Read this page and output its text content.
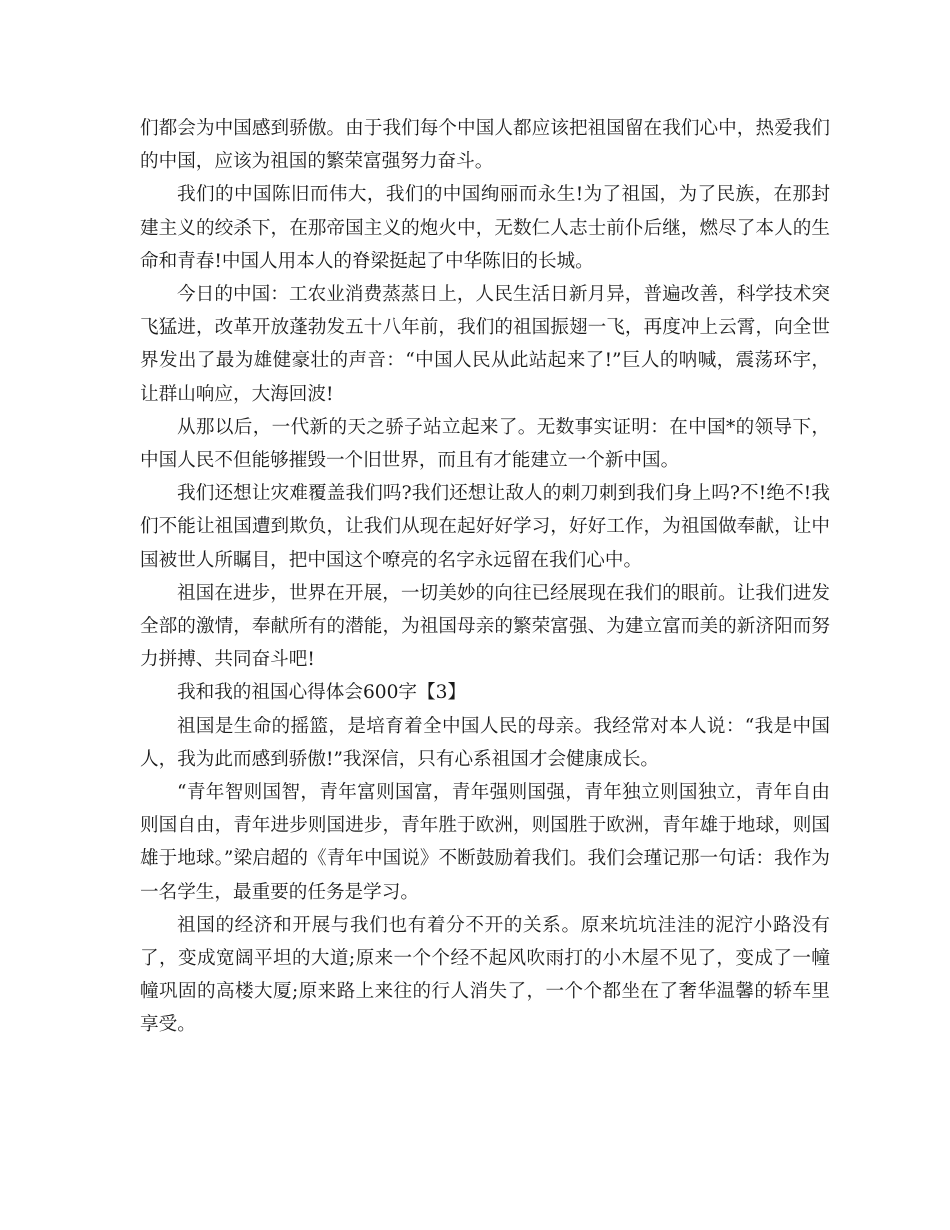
们都会为中国感到骄傲。由于我们每个中国人都应该把祖国留在我们心中，热爱我们的中国，应该为祖国的繁荣富强努力奋斗。

我们的中国陈旧而伟大，我们的中国绚丽而永生!为了祖国，为了民族，在那封建主义的绞杀下，在那帝国主义的炮火中，无数仁人志士前仆后继，燃尽了本人的生命和青春!中国人用本人的脊梁挺起了中华陈旧的长城。

今日的中国：工农业消费蒸蒸日上，人民生活日新月异，普遍改善，科学技术突飞猛进，改革开放蓬勃发五十八年前，我们的祖国振翅一飞，再度冲上云霄，向全世界发出了最为雄健豪壮的声音：“中国人民从此站起来了!”巨人的呐喊，震荡环宇，让群山响应，大海回波!

从那以后，一代新的天之骄子站立起来了。无数事实证明：在中国*的领导下，中国人民不但能够摧毁一个旧世界，而且有才能建立一个新中国。

我们还想让灾难覆盖我们吗?我们还想让敌人的刺刀刺到我们身上吗?不!绝不!我们不能让祖国遭到欺负，让我们从现在起好好学习，好好工作，为祖国做奉献，让中国被世人所瞩目，把中国这个嘹亮的名字永远留在我们心中。

祖国在进步，世界在开展，一切美妙的向往已经展现在我们的眼前。让我们进发全部的激情，奉献所有的潜能，为祖国母亲的繁荣富强、为建立富而美的新济阳而努力拼搏、共同奋斗吧!

我和我的祖国心得体会600字【3】

祖国是生命的摇篮，是培育着全中国人民的母亲。我经常对本人说：“我是中国人，我为此而感到骄傲!”我深信，只有心系祖国才会健康成长。

“青年智则国智，青年富则国富，青年强则国强，青年独立则国独立，青年自由则国自由，青年进步则国进步，青年胜于欧洲，则国胜于欧洲，青年雄于地球，则国雄于地球。”梁启超的《青年中国说》不断鼓励着我们。我们会瑾记那一句话：我作为一名学生，最重要的任务是学习。

祖国的经济和开展与我们也有着分不开的关系。原来坑坑洼洼的泥泞小路没有了，变成宽阔平坦的大道;原来一个个经不起风吹雨打的小木屋不见了，变成了一幢幢巩固的高楼大厦;原来路上来往的行人消失了，一个个都坐在了奢华温馨的轿车里享受。
